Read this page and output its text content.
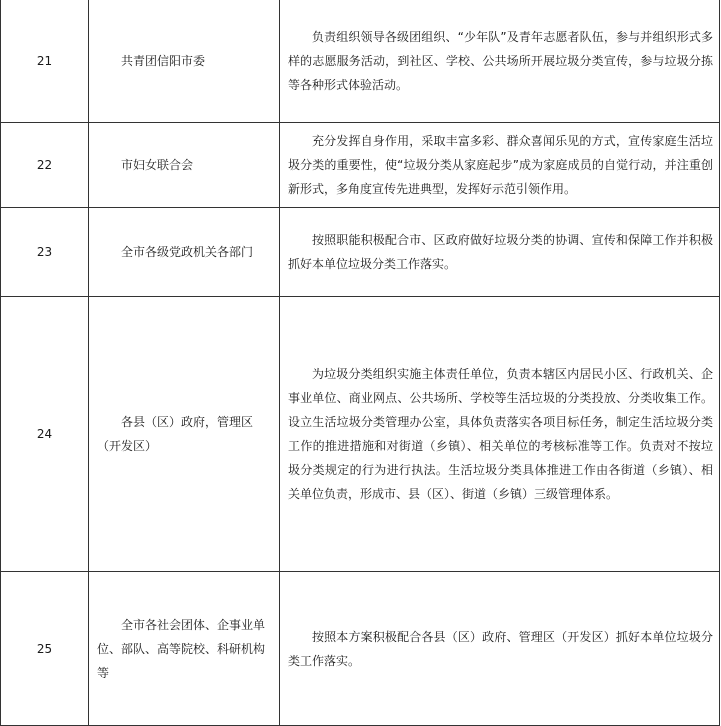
21	共青团信阳市委	负责组织领导各级团组织、“少年队”及青年志愿者队伍，参与并组织形式多样的志愿服务活动，到社区、学校、公共场所开展垃圾分类宣传，参与垃圾分拣等各种形式体验活动。

22	市妇女联合会	充分发挥自身作用，采取丰富多彩、群众喜闻乐见的方式，宣传家庭生活垃圾分类的重要性，使“垃圾分类从家庭起步”成为家庭成员的自觉行动，并注重创新形式，多角度宣传先进典型，发挥好示范引领作用。

23	全市各级党政机关各部门	按照职能积极配合市、区政府做好垃圾分类的协调、宣传和保障工作并积极抓好本单位垃圾分类工作落实。

24	各县（区）政府，管理区（开发区）	为垃圾分类组织实施主体责任单位，负责本辖区内居民小区、行政机关、企事业单位、商业网点、公共场所、学校等生活垃圾的分类投放、分类收集工作。设立生活垃圾分类管理办公室，具体负责落实各项目标任务，制定生活垃圾分类工作的推进措施和对街道（乡镇）、相关单位的考核标准等工作。负责对不按垃圾分类规定的行为进行执法。生活垃圾分类具体推进工作由各街道（乡镇）、相关单位负责，形成市、县（区）、街道（乡镇）三级管理体系。

25	全市各社会团体、企事业单位、部队、高等院校、科研机构等	按照本方案积极配合各县（区）政府、管理区（开发区）抓好本单位垃圾分类工作落实。
